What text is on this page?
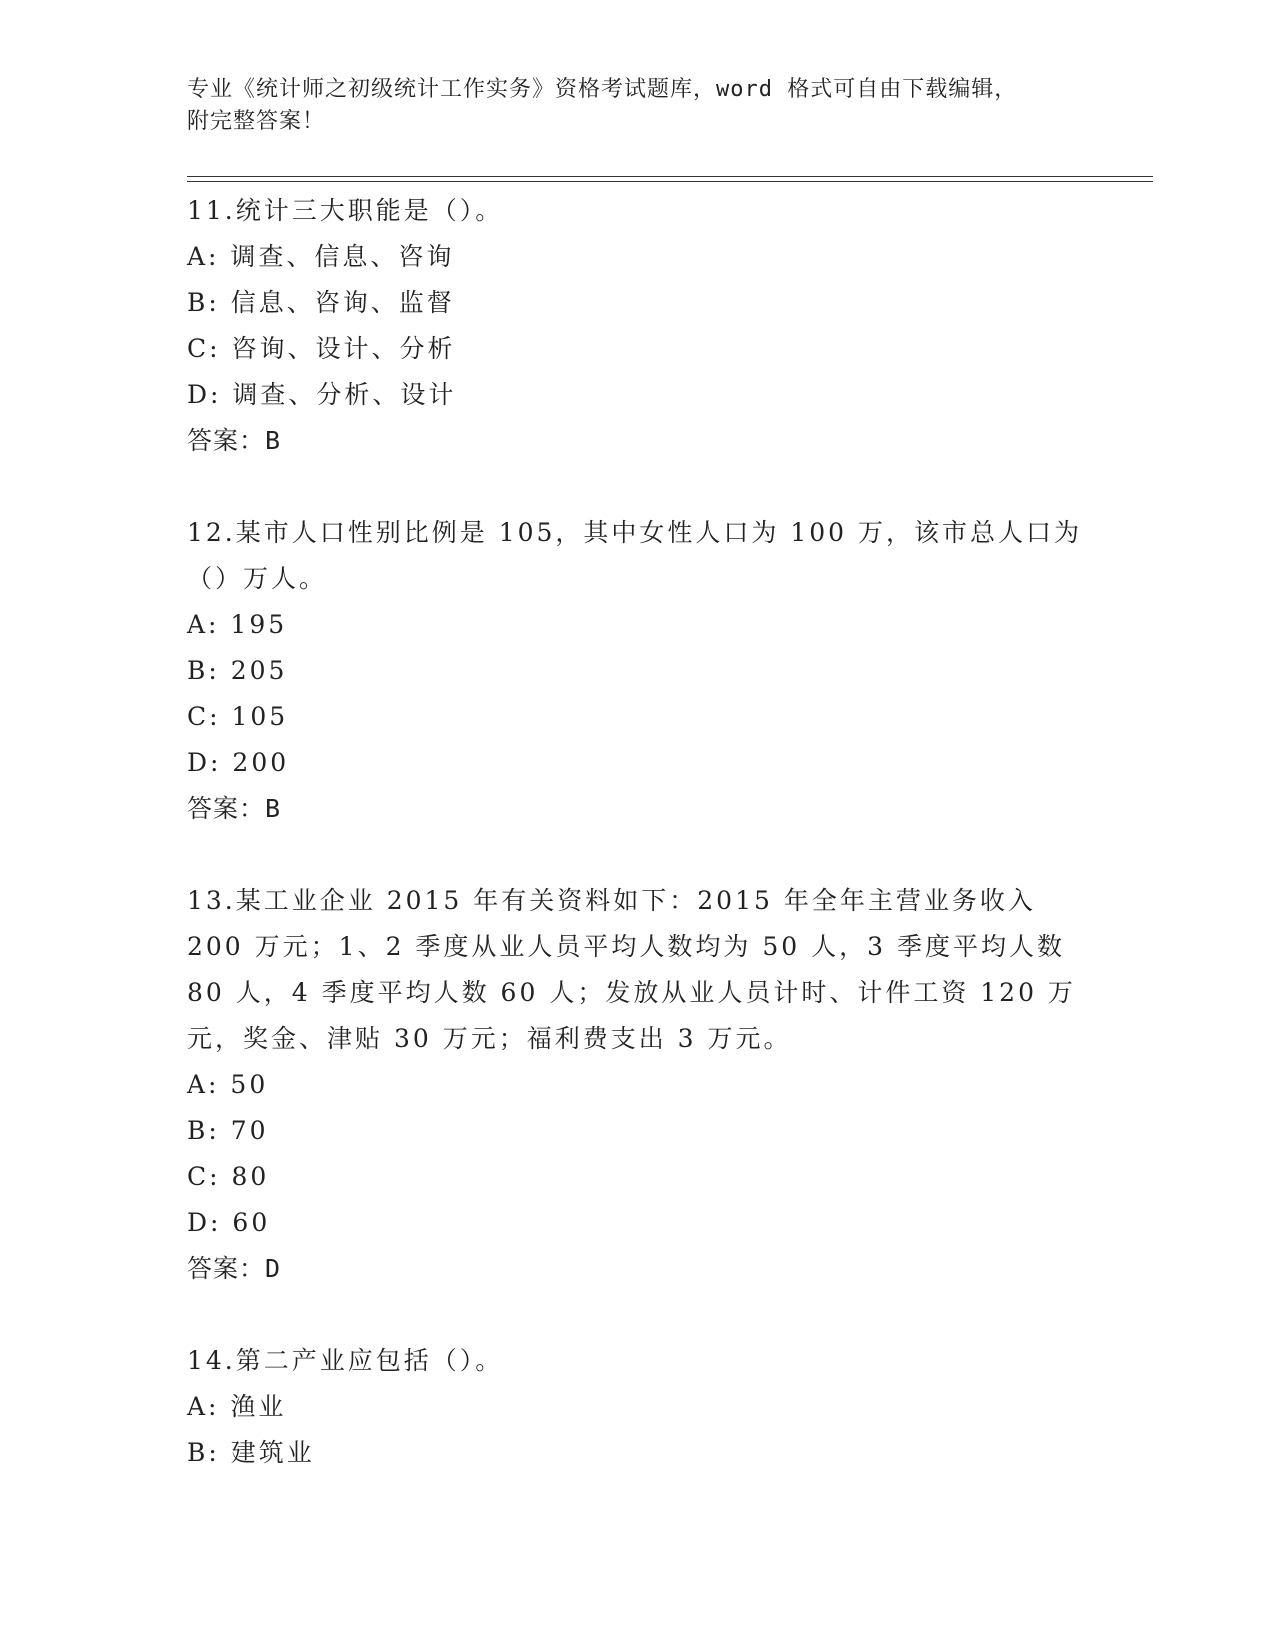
专业《统计师之初级统计工作实务》资格考试题库，word 格式可自由下载编辑，
附完整答案！
11.统计三大职能是（）。
A: 调查、信息、咨询
B: 信息、咨询、监督
C: 咨询、设计、分析
D: 调查、分析、设计
答案：B
12.某市人口性别比例是 105，其中女性人口为 100 万，该市总人口为（）万人。
A: 195
B: 205
C: 105
D: 200
答案：B
13.某工业企业 2015 年有关资料如下：2015 年全年主营业务收入 200 万元；1、2 季度从业人员平均人数均为 50 人，3 季度平均人数 80 人，4 季度平均人数 60 人；发放从业人员计时、计件工资 120 万元，奖金、津贴 30 万元；福利费支出 3 万元。
A: 50
B: 70
C: 80
D: 60
答案：D
14.第二产业应包括（）。
A: 渔业
B: 建筑业
